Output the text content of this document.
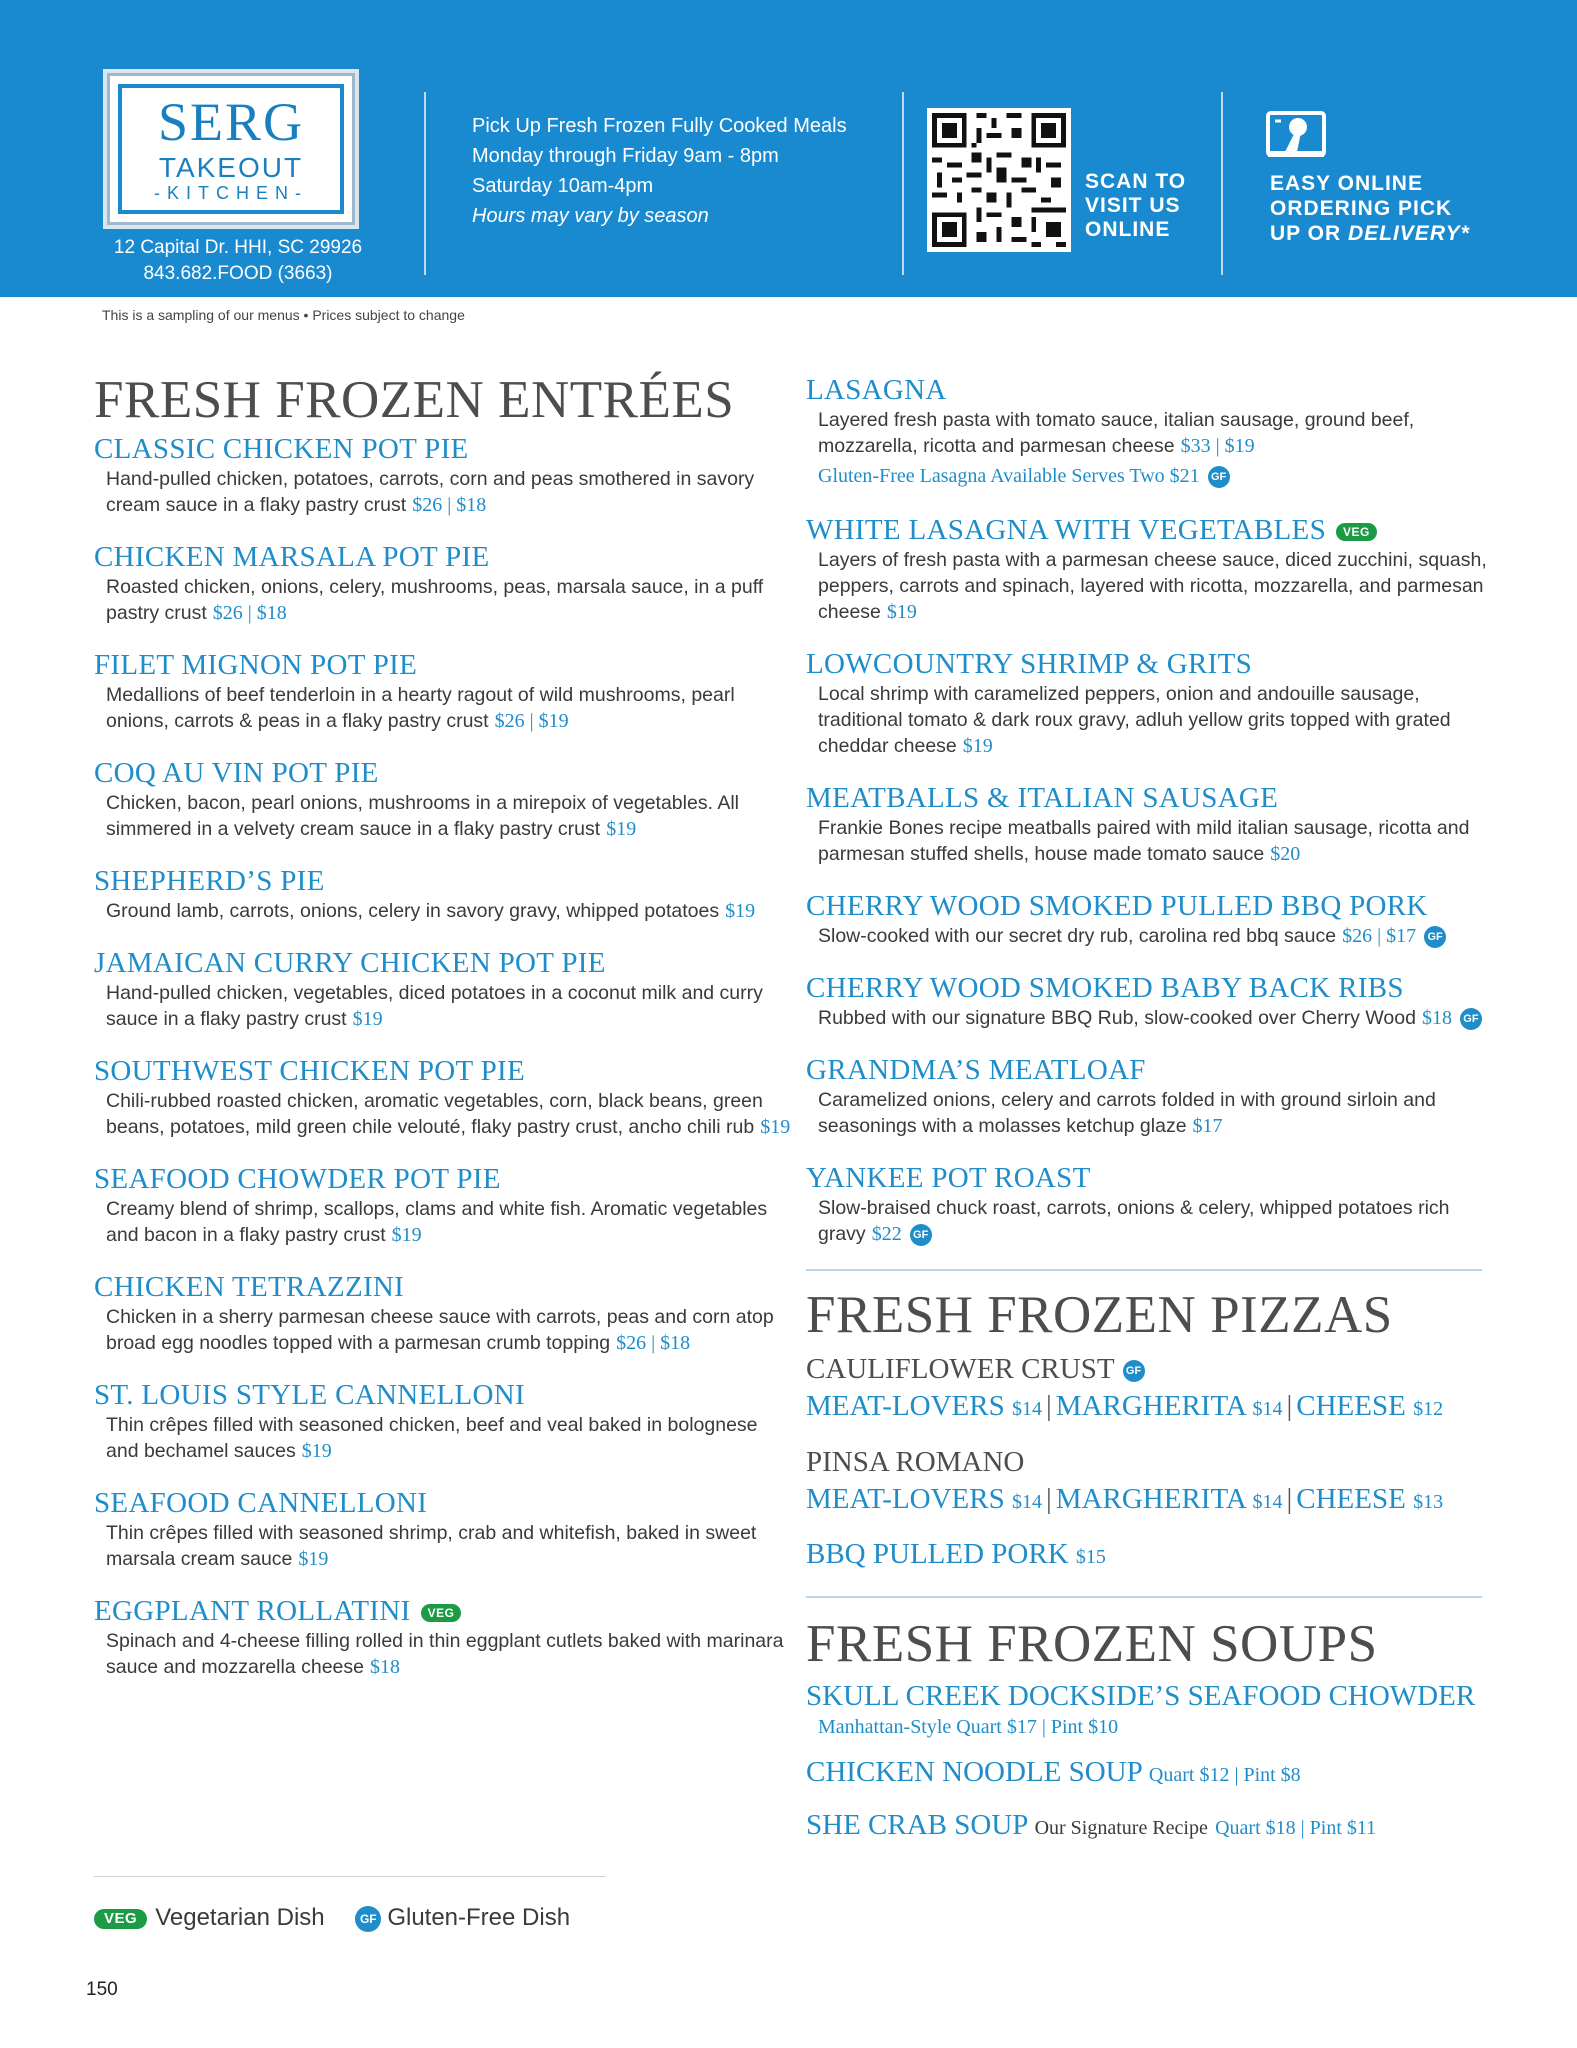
SERG
TAKEOUT
-KITCHEN-
12 Capital Dr. HHI, SC 29926
843.682.FOOD (3663)
Pick Up Fresh Frozen Fully Cooked Meals
Monday through Friday 9am - 8pm
Saturday 10am-4pm
Hours may vary by season
SCAN TO
VISIT US
ONLINE
EASY ONLINE
ORDERING PICK
UP OR DELIVERY*
This is a sampling of our menus • Prices subject to change
FRESH FROZEN ENTRÉES
CLASSIC CHICKEN POT PIE
Hand-pulled chicken, potatoes, carrots, corn and peas smothered in savory cream sauce in a flaky pastry crust $26 | $18
CHICKEN MARSALA POT PIE
Roasted chicken, onions, celery, mushrooms, peas, marsala sauce, in a puff pastry crust $26 | $18
FILET MIGNON POT PIE
Medallions of beef tenderloin in a hearty ragout of wild mushrooms, pearl onions, carrots & peas in a flaky pastry crust $26 | $19
COQ AU VIN POT PIE
Chicken, bacon, pearl onions, mushrooms in a mirepoix of vegetables. All simmered in a velvety cream sauce in a flaky pastry crust $19
SHEPHERD’S PIE
Ground lamb, carrots, onions, celery in savory gravy, whipped potatoes $19
JAMAICAN CURRY CHICKEN POT PIE
Hand-pulled chicken, vegetables, diced potatoes in a coconut milk and curry sauce in a flaky pastry crust $19
SOUTHWEST CHICKEN POT PIE
Chili-rubbed roasted chicken, aromatic vegetables, corn, black beans, green beans, potatoes, mild green chile velouté, flaky pastry crust, ancho chili rub $19
SEAFOOD CHOWDER POT PIE
Creamy blend of shrimp, scallops, clams and white fish. Aromatic vegetables and bacon in a flaky pastry crust $19
CHICKEN TETRAZZINI
Chicken in a sherry parmesan cheese sauce with carrots, peas and corn atop broad egg noodles topped with a parmesan crumb topping $26 | $18
ST. LOUIS STYLE CANNELLONI
Thin crêpes filled with seasoned chicken, beef and veal baked in bolognese and bechamel sauces $19
SEAFOOD CANNELLONI
Thin crêpes filled with seasoned shrimp, crab and whitefish, baked in sweet marsala cream sauce $19
EGGPLANT ROLLATINI VEG
Spinach and 4-cheese filling rolled in thin eggplant cutlets baked with marinara sauce and mozzarella cheese $18
LASAGNA
Layered fresh pasta with tomato sauce, italian sausage, ground beef, mozzarella, ricotta and parmesan cheese $33 | $19
Gluten-Free Lasagna Available Serves Two $21 GF
WHITE LASAGNA WITH VEGETABLES VEG
Layers of fresh pasta with a parmesan cheese sauce, diced zucchini, squash, peppers, carrots and spinach, layered with ricotta, mozzarella, and parmesan cheese $19
LOWCOUNTRY SHRIMP & GRITS
Local shrimp with caramelized peppers, onion and andouille sausage, traditional tomato & dark roux gravy, adluh yellow grits topped with grated cheddar cheese $19
MEATBALLS & ITALIAN SAUSAGE
Frankie Bones recipe meatballs paired with mild italian sausage, ricotta and parmesan stuffed shells, house made tomato sauce $20
CHERRY WOOD SMOKED PULLED BBQ PORK
Slow-cooked with our secret dry rub, carolina red bbq sauce $26 | $17 GF
CHERRY WOOD SMOKED BABY BACK RIBS
Rubbed with our signature BBQ Rub, slow-cooked over Cherry Wood $18 GF
GRANDMA’S MEATLOAF
Caramelized onions, celery and carrots folded in with ground sirloin and seasonings with a molasses ketchup glaze $17
YANKEE POT ROAST
Slow-braised chuck roast, carrots, onions & celery, whipped potatoes rich gravy $22 GF
FRESH FROZEN PIZZAS
CAULIFLOWER CRUST GF
MEAT-LOVERS $14 | MARGHERITA $14 | CHEESE $12
PINSA ROMANO
MEAT-LOVERS $14 | MARGHERITA $14 | CHEESE $13
BBQ PULLED PORK $15
FRESH FROZEN SOUPS
SKULL CREEK DOCKSIDE’S SEAFOOD CHOWDER
Manhattan-Style Quart $17 | Pint $10
CHICKEN NOODLE SOUP Quart $12 | Pint $8
SHE CRAB SOUP Our Signature Recipe Quart $18 | Pint $11
VEG Vegetarian Dish	GF Gluten-Free Dish
150
